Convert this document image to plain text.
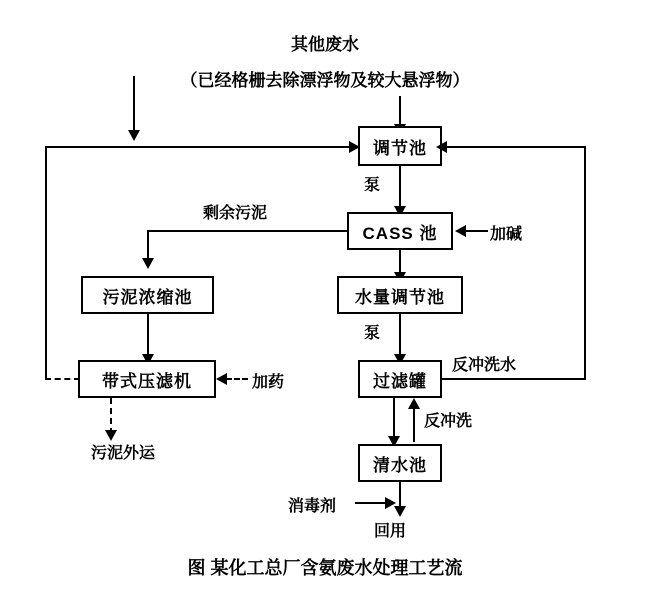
其他废水
（已经格栅去除漂浮物及较大悬浮物）
调节池
泵
CASS 池	加碱
剩余污泥
水量调节池
污泥浓缩池
泵
带式压滤机	加药
污泥外运
过滤罐
反冲洗水
反冲洗
清水池
回用
消毒剂
图 某化工总厂含氨废水处理工艺流
